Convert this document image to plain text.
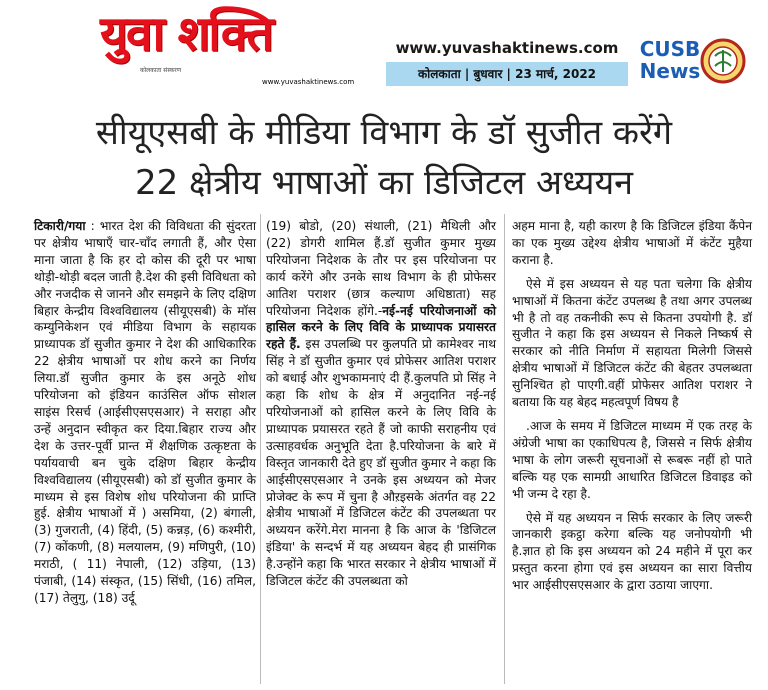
युवा शक्ति
कोलकाता संस्करण
www.yuvashaktinews.com
www.yuvashaktinews.com
कोलकाता | बुधवार | 23 मार्च, 2022
CUSB
News
सीयूएसबी के मीडिया विभाग के डॉ सुजीत करेंगे
22 क्षेत्रीय भाषाओं का डिजिटल अध्ययन

टिकारी/गया : भारत देश की विविधता की सुंदरता पर क्षेत्रीय भाषाएँ चार-चाँद लगाती हैं, और ऐसा माना जाता है कि हर दो कोस की दूरी पर भाषा थोड़ी-थोड़ी बदल जाती है.देश की इसी विविधता को और नजदीक से जानने और समझने के लिए दक्षिण बिहार केन्द्रीय विश्वविद्यालय (सीयूएसबी) के मॉस कम्युनिकेशन एवं मीडिया विभाग के सहायक प्राध्यापक डॉ सुजीत कुमार ने देश की आधिकारिक 22 क्षेत्रीय भाषाओं पर शोध करने का निर्णय लिया.डॉ सुजीत कुमार के इस अनूठे शोध परियोजना को इंडियन काउंसिल ऑफ सोशल साइंस रिसर्च (आईसीएसएसआर) ने सराहा और उन्हें अनुदान स्वीकृत कर दिया.बिहार राज्य और देश के उत्तर-पूर्वी प्रान्त में शैक्षणिक उत्कृष्टता के पर्यायवाची बन चुके दक्षिण बिहार केन्द्रीय विश्वविद्यालय (सीयूएसबी) को डॉ सुजीत कुमार के माध्यम से इस विशेष शोध परियोजना की प्राप्ति हुई. क्षेत्रीय भाषाओं में ) असमिया, (2) बंगाली, (3) गुजराती, (4) हिंदी, (5) कन्नड़, (6) कश्मीरी, (7) कोंकणी, (8) मलयालम, (9) मणिपुरी, (10) मराठी, ( 11) नेपाली, (12) उड़िया, (13) पंजाबी, (14) संस्कृत, (15) सिंधी, (16) तमिल, (17) तेलुगु, (18) उर्दू

(19) बोडो, (20) संथाली, (21) मैथिली और (22) डोगरी शामिल हैं.डॉ सुजीत कुमार मुख्य परियोजना निदेशक के तौर पर इस परियोजना पर कार्य करेंगे और उनके साथ विभाग के ही प्रोफेसर आतिश पराशर (छात्र कल्याण अधिष्ठाता) सह परियोजना निदेशक होंगे.-नई-नई परियोजनाओं को हासिल करने के लिए विवि के प्राध्यापक प्रयासरत रहते हैं. इस उपलब्धि पर कुलपति प्रो कामेश्वर नाथ सिंह ने डॉ सुजीत कुमार एवं प्रोफेसर आतिश पराशर को बधाई और शुभकामनाएं दी हैं.कुलपति प्रो सिंह ने कहा कि शोध के क्षेत्र में अनुदानित नई-नई परियोजनाओं को हासिल करने के लिए विवि के प्राध्यापक प्रयासरत रहते हैं जो काफी सराहनीय एवं उत्साहवर्धक अनुभूति देता है.परियोजना के बारे में विस्तृत जानकारी देते हुए डॉ सुजीत कुमार ने कहा कि आईसीएसएसआर ने उनके इस अध्ययन को मेजर प्रोजेक्ट के रूप में चुना है औऱइसके अंतर्गत वह 22 क्षेत्रीय भाषाओं में डिजिटल कंटेंट की उपलब्धता पर अध्ययन करेंगे.मेरा मानना है कि आज के 'डिजिटल इंडिया' के सन्दर्भ में यह अध्ययन बेहद ही प्रासंगिक है.उन्होंने कहा कि भारत सरकार ने क्षेत्रीय भाषाओं में डिजिटल कंटेंट की उपलब्धता को

अहम माना है, यही कारण है कि डिजिटल इंडिया कैंपेन का एक मुख्य उद्देश्य क्षेत्रीय भाषाओं में कंटेंट मुहैया कराना है.

ऐसे में इस अध्ययन से यह पता चलेगा कि क्षेत्रीय भाषाओं में कितना कंटेंट उपलब्ध है तथा अगर उपलब्ध भी है तो वह तकनीकी रूप से कितना उपयोगी है. डॉ सुजीत ने कहा कि इस अध्ययन से निकले निष्कर्ष से सरकार को नीति निर्माण में सहायता मिलेगी जिससे क्षेत्रीय भाषाओं में डिजिटल कंटेंट की बेहतर उपलब्धता सुनिश्चित हो पाएगी.वहीं प्रोफेसर आतिश पराशर ने बताया कि यह बेहद महत्वपूर्ण विषय है

.आज के समय में डिजिटल माध्यम में एक तरह के अंग्रेजी भाषा का एकाधिपत्य है, जिससे न सिर्फ क्षेत्रीय भाषा के लोग जरूरी सूचनाओं से रूबरू नहीं हो पाते बल्कि यह एक सामग्री आधारित डिजिटल डिवाइड को भी जन्म दे रहा है.

ऐसे में यह अध्ययन न सिर्फ सरकार के लिए जरूरी जानकारी इकट्ठा करेगा बल्कि यह जनोपयोगी भी है.ज्ञात हो कि इस अध्ययन को 24 महीने में पूरा कर प्रस्तुत करना होगा एवं इस अध्ययन का सारा वित्तीय भार आईसीएसएसआर के द्वारा उठाया जाएगा.
